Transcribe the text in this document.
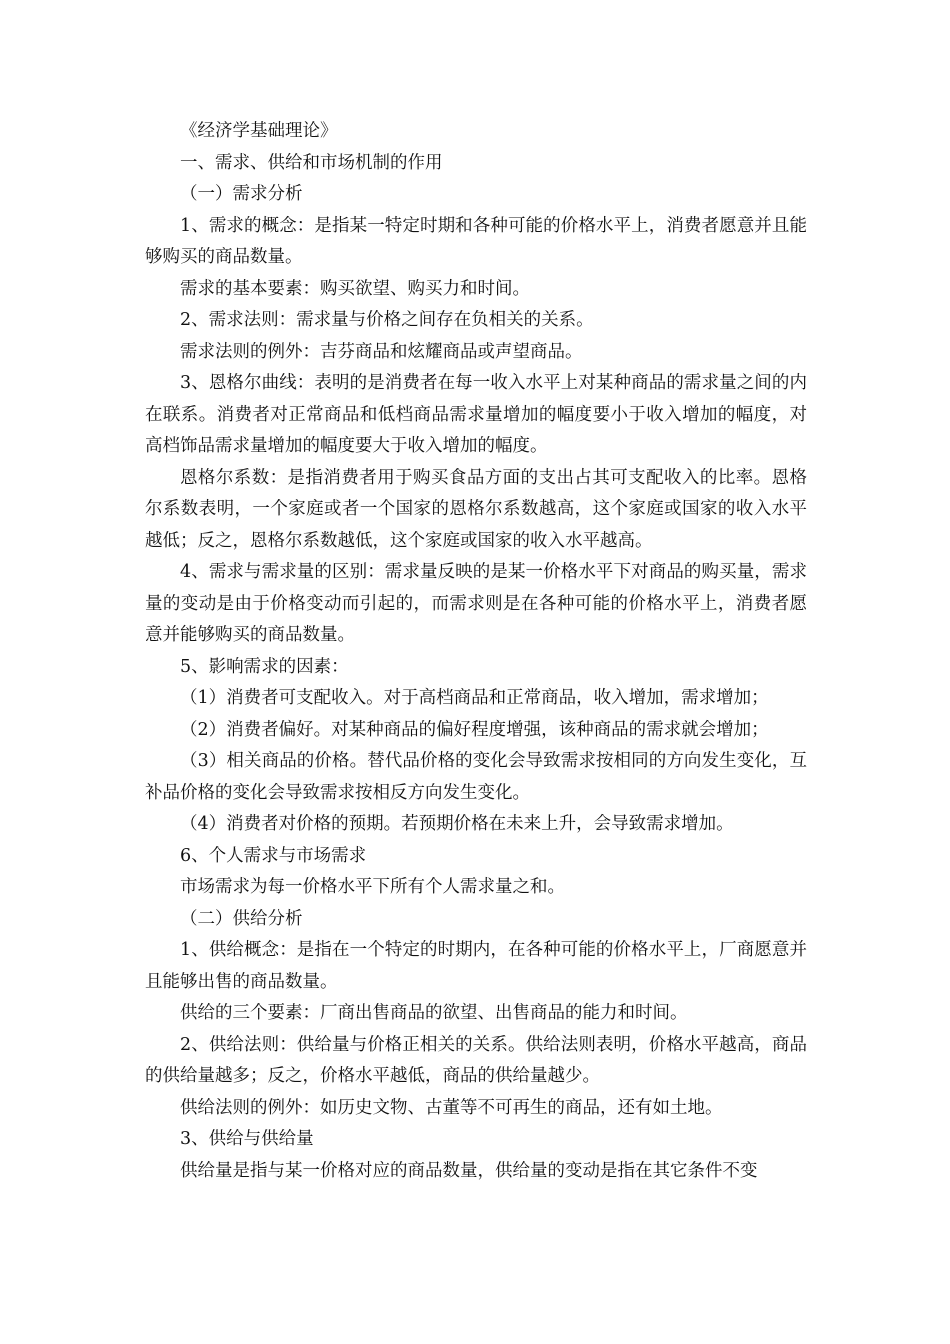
《经济学基础理论》

一、需求、供给和市场机制的作用

（一）需求分析

1、需求的概念：是指某一特定时期和各种可能的价格水平上，消费者愿意并且能够购买的商品数量。

需求的基本要素：购买欲望、购买力和时间。

2、需求法则：需求量与价格之间存在负相关的关系。

需求法则的例外：吉芬商品和炫耀商品或声望商品。

3、恩格尔曲线：表明的是消费者在每一收入水平上对某种商品的需求量之间的内在联系。消费者对正常商品和低档商品需求量增加的幅度要小于收入增加的幅度，对高档饰品需求量增加的幅度要大于收入增加的幅度。

恩格尔系数：是指消费者用于购买食品方面的支出占其可支配收入的比率。恩格尔系数表明，一个家庭或者一个国家的恩格尔系数越高，这个家庭或国家的收入水平越低；反之，恩格尔系数越低，这个家庭或国家的收入水平越高。

4、需求与需求量的区别：需求量反映的是某一价格水平下对商品的购买量，需求量的变动是由于价格变动而引起的，而需求则是在各种可能的价格水平上，消费者愿意并能够购买的商品数量。

5、影响需求的因素：

（1）消费者可支配收入。对于高档商品和正常商品，收入增加，需求增加；

（2）消费者偏好。对某种商品的偏好程度增强，该种商品的需求就会增加；

（3）相关商品的价格。替代品价格的变化会导致需求按相同的方向发生变化，互补品价格的变化会导致需求按相反方向发生变化。

（4）消费者对价格的预期。若预期价格在未来上升，会导致需求增加。

6、个人需求与市场需求

市场需求为每一价格水平下所有个人需求量之和。

（二）供给分析

1、供给概念：是指在一个特定的时期内，在各种可能的价格水平上，厂商愿意并且能够出售的商品数量。

供给的三个要素：厂商出售商品的欲望、出售商品的能力和时间。

2、供给法则：供给量与价格正相关的关系。供给法则表明，价格水平越高，商品的供给量越多；反之，价格水平越低，商品的供给量越少。

供给法则的例外：如历史文物、古董等不可再生的商品，还有如土地。

3、供给与供给量

供给量是指与某一价格对应的商品数量，供给量的变动是指在其它条件不变
